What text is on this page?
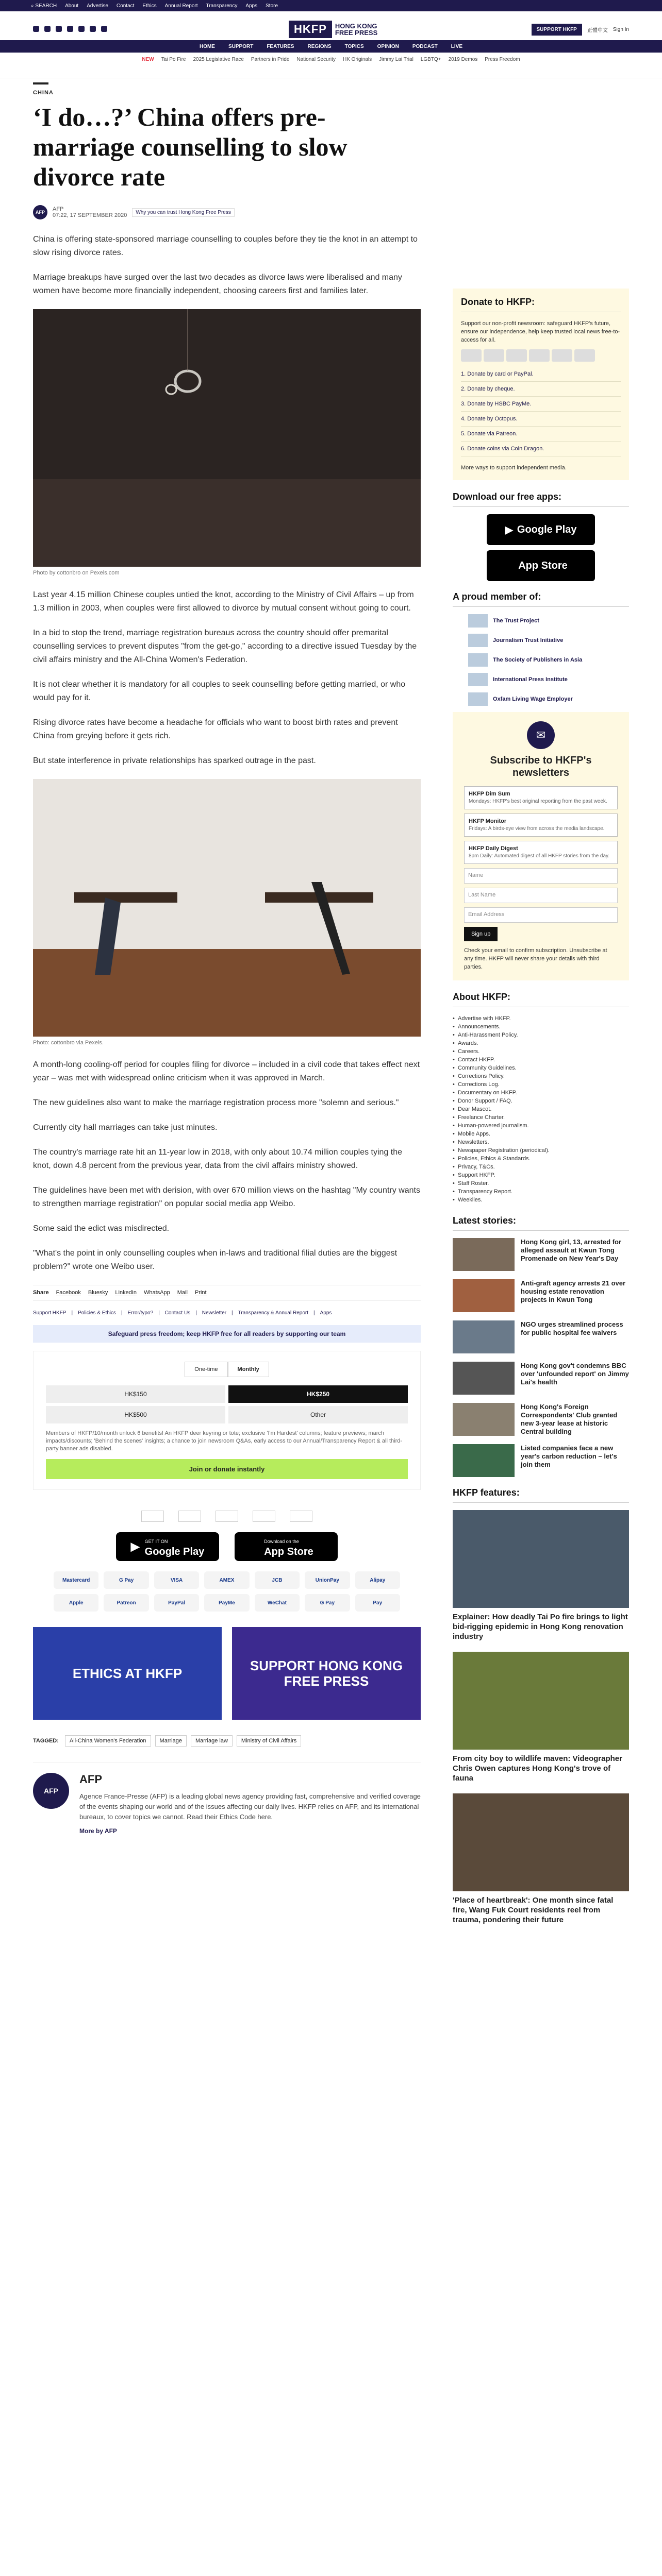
⌕ SEARCH About Advertise Contact Ethics Annual Report Transparency Apps Store
HKFP	HONG KONG FREE PRESS	SUPPORT HKFP	正體中文 Sign In
HOME	SUPPORT	FEATURES	REGIONS	TOPICS	OPINION	PODCAST	LIVE
NEW Tai Po Fire 2025 Legislative Race Partners in Pride National Security HK Originals Jimmy Lai Trial LGBTQ+ 2019 Demos Press Freedom
CHINA
‘I do…?’ China offers pre-marriage counselling to slow divorce rate
AFP	AFP
07:22, 17 SEPTEMBER 2020	Why you can trust Hong Kong Free Press

China is offering state-sponsored marriage counselling to couples before they tie the knot in an attempt to slow rising divorce rates.

Marriage breakups have surged over the last two decades as divorce laws were liberalised and many women have become more financially independent, choosing careers first and families later.

Photo by cottonbro on Pexels.com

Last year 4.15 million Chinese couples untied the knot, according to the Ministry of Civil Affairs – up from 1.3 million in 2003, when couples were first allowed to divorce by mutual consent without going to court.

In a bid to stop the trend, marriage registration bureaus across the country should offer premarital counselling services to prevent disputes "from the get-go," according to a directive issued Tuesday by the civil affairs ministry and the All-China Women's Federation.

It is not clear whether it is mandatory for all couples to seek counselling before getting married, or who would pay for it.

Rising divorce rates have become a headache for officials who want to boost birth rates and prevent China from greying before it gets rich.

But state interference in private relationships has sparked outrage in the past.

Photo: cottonbro via Pexels.

A month-long cooling-off period for couples filing for divorce – included in a civil code that takes effect next year – was met with widespread online criticism when it was approved in March.

The new guidelines also want to make the marriage registration process more "solemn and serious."

Currently city hall marriages can take just minutes.

The country's marriage rate hit an 11-year low in 2018, with only about 10.74 million couples tying the knot, down 4.8 percent from the previous year, data from the civil affairs ministry showed.

The guidelines have been met with derision, with over 670 million views on the hashtag "My country wants to strengthen marriage registration" on popular social media app Weibo.

Some said the edict was misdirected.

"What's the point in only counselling couples when in-laws and traditional filial duties are the biggest problem?" wrote one Weibo user.

Share Facebook Bluesky LinkedIn WhatsApp Mail Print
Support HKFP | Policies & Ethics | Error/typo? | Contact Us | Newsletter | Transparency & Annual Report | Apps
Safeguard press freedom; keep HKFP free for all readers by supporting our team
One-time	Monthly
HK$150	HK$250
HK$500	Other
Members of HKFP/10/month unlock 6 benefits! An HKFP deer keyring or tote; exclusive 'I'm Hardest' columns; feature previews; march impacts/discounts; 'Behind the scenes' insights; a chance to join newsroom Q&As, early access to our Annual/Transparency Report & all third-party banner ads disabled.
Join or donate instantly
▶ GET IT ON
Google Play
Download on the
App Store
Mastercard	G Pay	VISA	AMEX	JCB	UnionPay	Alipay
Apple	Patreon	PayPal	PayMe	WeChat	G Pay	Pay
ETHICS AT HKFP	SUPPORT HONG KONG FREE PRESS
TAGGED:	All-China Women's Federation	Marriage	Marriage law	Ministry of Civil Affairs
AFP
AFP

Agence France-Presse (AFP) is a leading global news agency providing fast, comprehensive and verified coverage of the events shaping our world and of the issues affecting our daily lives. HKFP relies on AFP, and its international bureaux, to cover topics we cannot. Read their Ethics Code here.

More by AFP
Donate to HKFP:
Support our non-profit newsroom: safeguard HKFP's future, ensure our independence, help keep trusted local news free-to-access for all.
1. Donate by card or PayPal.
2. Donate by cheque.
3. Donate by HSBC PayMe.
4. Donate by Octopus.
5. Donate via Patreon.
6. Donate coins via Coin Dragon.
More ways to support independent media.
Download our free apps:
▶ Google Play
App Store
A proud member of:
The Trust Project
Journalism Trust Initiative
The Society of Publishers in Asia
International Press Institute
Oxfam Living Wage Employer
✉
Subscribe to HKFP's newsletters
HKFP Dim Sum
Mondays: HKFP's best original reporting from the past week.
HKFP Monitor
Fridays: A birds-eye view from across the media landscape.
HKFP Daily Digest
8pm Daily: Automated digest of all HKFP stories from the day.
Name
Last Name
Email Address
Sign up
Check your email to confirm subscription. Unsubscribe at any time. HKFP will never share your details with third parties.
About HKFP:
• Advertise with HKFP.
• Announcements.
• Anti-Harassment Policy.
• Awards.
• Careers.
• Contact HKFP.
• Community Guidelines.
• Corrections Policy.
• Corrections Log.
• Documentary on HKFP.
• Donor Support / FAQ.
• Dear Mascot.
• Freelance Charter.
• Human-powered journalism.
• Mobile Apps.
• Newsletters.
• Newspaper Registration (periodical).
• Policies, Ethics & Standards.
• Privacy, T&Cs.
• Support HKFP.
• Staff Roster.
• Transparency Report.
• Weeklies.
Latest stories:
Hong Kong girl, 13, arrested for alleged assault at Kwun Tong Promenade on New Year's Day
Anti-graft agency arrests 21 over housing estate renovation projects in Kwun Tong
NGO urges streamlined process for public hospital fee waivers
Hong Kong gov't condemns BBC over 'unfounded report' on Jimmy Lai's health
Hong Kong's Foreign Correspondents' Club granted new 3-year lease at historic Central building
Listed companies face a new year's carbon reduction – let's join them
HKFP features:
Explainer: How deadly Tai Po fire brings to light bid-rigging epidemic in Hong Kong renovation industry
From city boy to wildlife maven: Videographer Chris Owen captures Hong Kong's trove of fauna
'Place of heartbreak': One month since fatal fire, Wang Fuk Court residents reel from trauma, pondering their future
